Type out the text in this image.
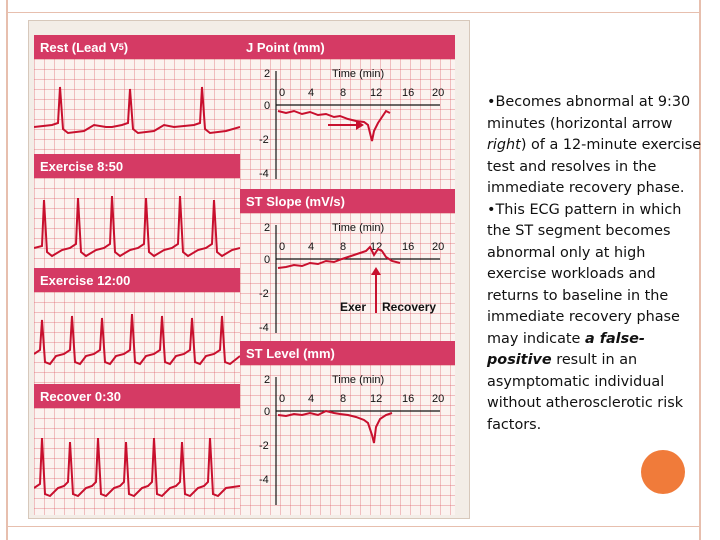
Rest (Lead V 5 )
Exercise 8:50
Exercise 12:00
Recover 0:30
J Point (mm)
Time (min)
0 4 8 12 16 20
2
0
-2
-4
ST Slope (mV/s)
Time (min)
0 4 8 12 16 20
2
0
-2
-4
Exer Recovery
ST Level (mm)
Time (min)
0 4 8 12 16 20
2
0
-2
-4

•Becomes abnormal at 9:30 minutes (horizontal arrow right) of a 12-minute exercise test and resolves in the immediate recovery phase.

•This ECG pattern in which the ST segment becomes abnormal only at high exercise workloads and returns to baseline in the immediate recovery phase may indicate a false-positive result in an asymptomatic individual without atherosclerotic risk factors.
